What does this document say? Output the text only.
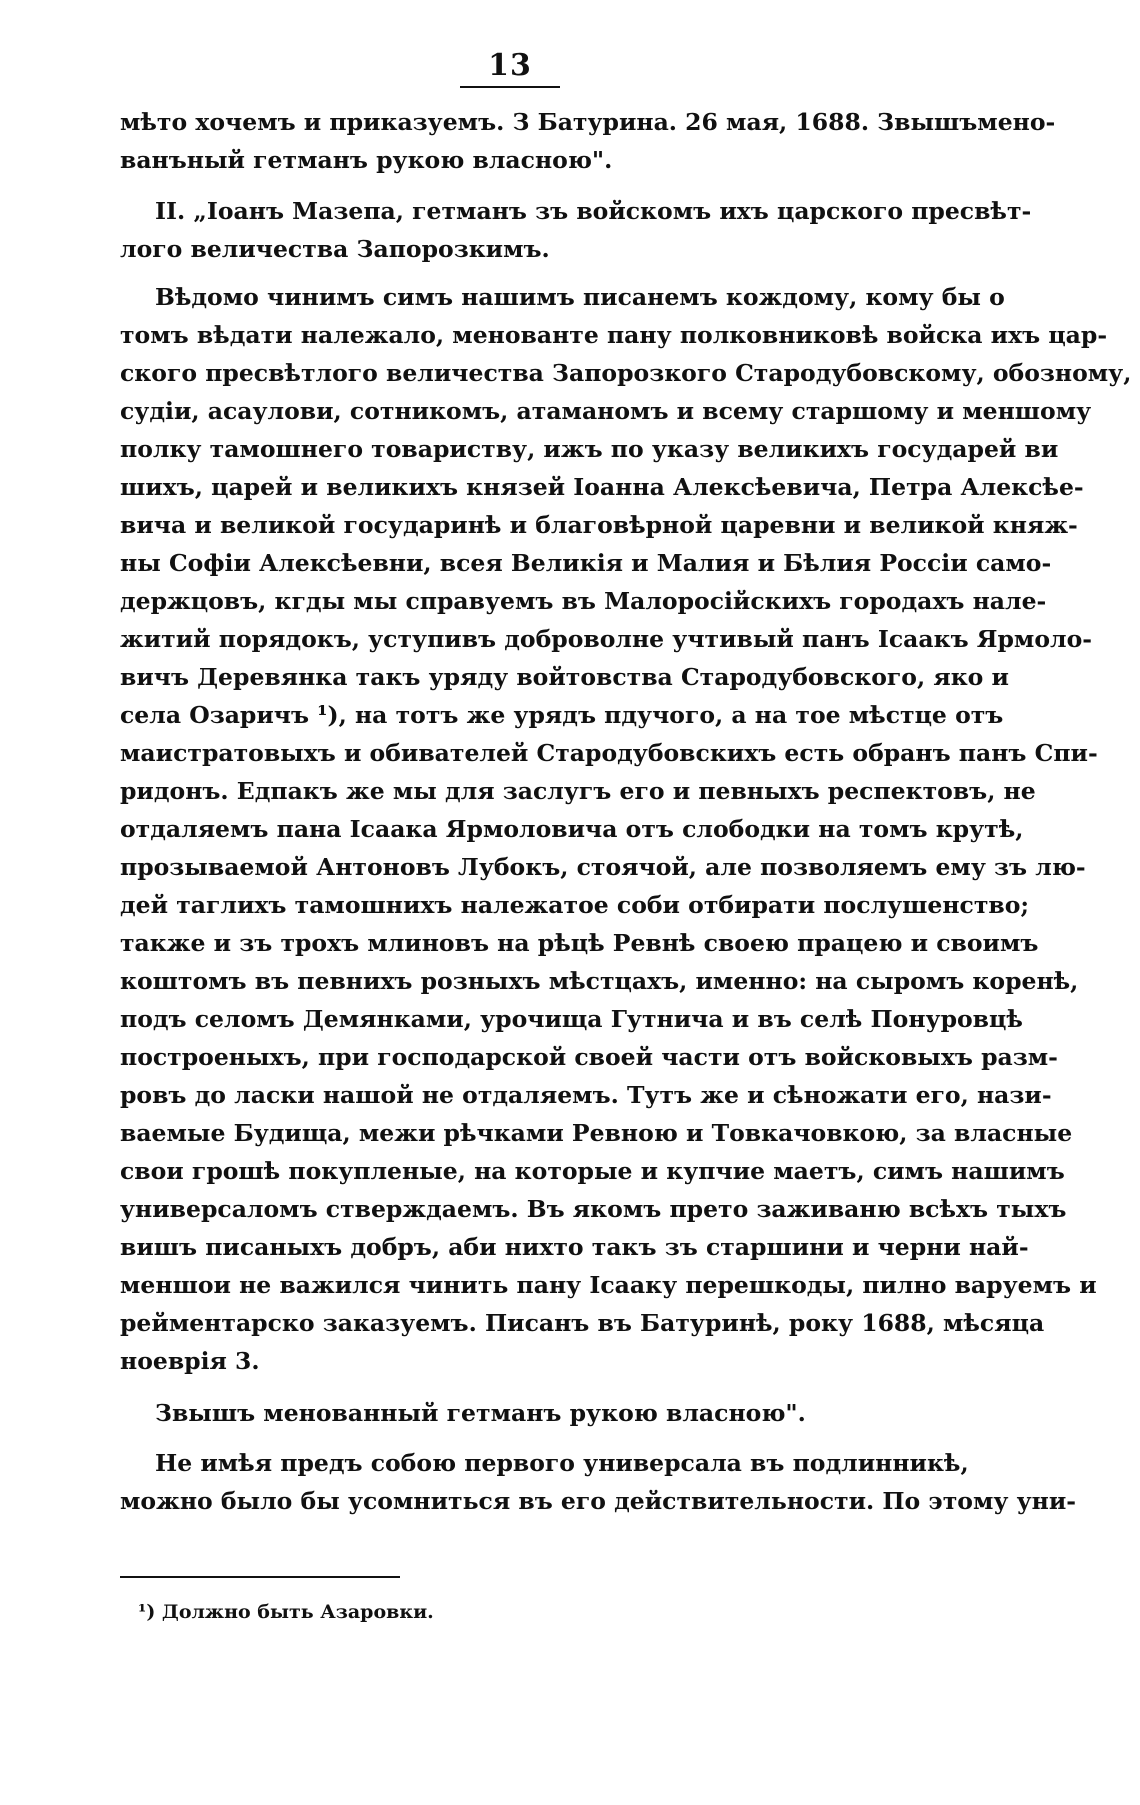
13
мѣто хочемъ и приказуемъ. З Батурина. 26 мая, 1688. Звышъмено-
ванъный гетманъ рукою власною".
II. „Іоанъ Мазепа, гетманъ зъ войскомъ ихъ царского пресвѣт-
лого величества Запорозкимъ.
Вѣдомо чинимъ симъ нашимъ писанемъ кождому, кому бы о
томъ вѣдати належало, менованте пану полковниковѣ войска ихъ цар-
ского пресвѣтлого величества Запорозкого Стародубовскому, обозному,
судіи, асаулови, сотникомъ, атаманомъ и всему старшому и меншому
полку тамошнего товариству, ижъ по указу великихъ государей ви
шихъ, царей и великихъ князей Іоанна Алексѣевича, Петра Алексѣе-
вича и великой государинѣ и благовѣрной царевни и великой княж-
ны Софіи Алексѣевни, всея Великія и Малия и Бѣлия Россіи само-
держцовъ, кгды мы справуемъ въ Малоросійскихъ городахъ нале-
житий порядокъ, уступивъ доброволне учтивый панъ Ісаакъ Ярмоло-
вичъ Деревянка такъ уряду войтовства Стародубовского, яко и
села Озаричъ ¹), на тотъ же урядъ пдучого, а на тое мѣстце отъ
маистратовыхъ и обивателей Стародубовскихъ есть обранъ панъ Спи-
ридонъ. Едпакъ же мы для заслугъ его и певныхъ респектовъ, не
отдаляемъ пана Ісаака Ярмоловича отъ слободки на томъ крутѣ,
прозываемой Антоновъ Лубокъ, стоячой, але позволяемъ ему зъ лю-
дей таглихъ тамошнихъ належатое соби отбирати послушенство;
также и зъ трохъ млиновъ на рѣцѣ Ревнѣ своею працею и своимъ
коштомъ въ певнихъ розныхъ мѣстцахъ, именно: на сыромъ коренѣ,
подъ селомъ Демянками, урочища Гутнича и въ селѣ Понуровцѣ
построеныхъ, при господарской своей части отъ войсковыхъ разм-
ровъ до ласки нашой не отдаляемъ. Тутъ же и сѣножати его, нази-
ваемые Будища, межи рѣчками Ревною и Товкачовкою, за власные
свои грошѣ покупленые, на которые и купчие маетъ, симъ нашимъ
универсаломъ стверждаемъ. Въ якомъ прето заживаню всѣхъ тыхъ
вишъ писаныхъ добръ, аби нихто такъ зъ старшини и черни най-
меншои не важился чинить пану Ісааку перешкоды, пилно варуемъ и
рейментарско заказуемъ. Писанъ въ Батуринѣ, року 1688, мѣсяца
ноеврія 3.
Звышъ менованный гетманъ рукою власною".
Не имѣя предъ собою первого универсала въ подлинникѣ,
можно было бы усомниться въ его действительности. По этому уни-
¹) Должно быть Азаровки.
